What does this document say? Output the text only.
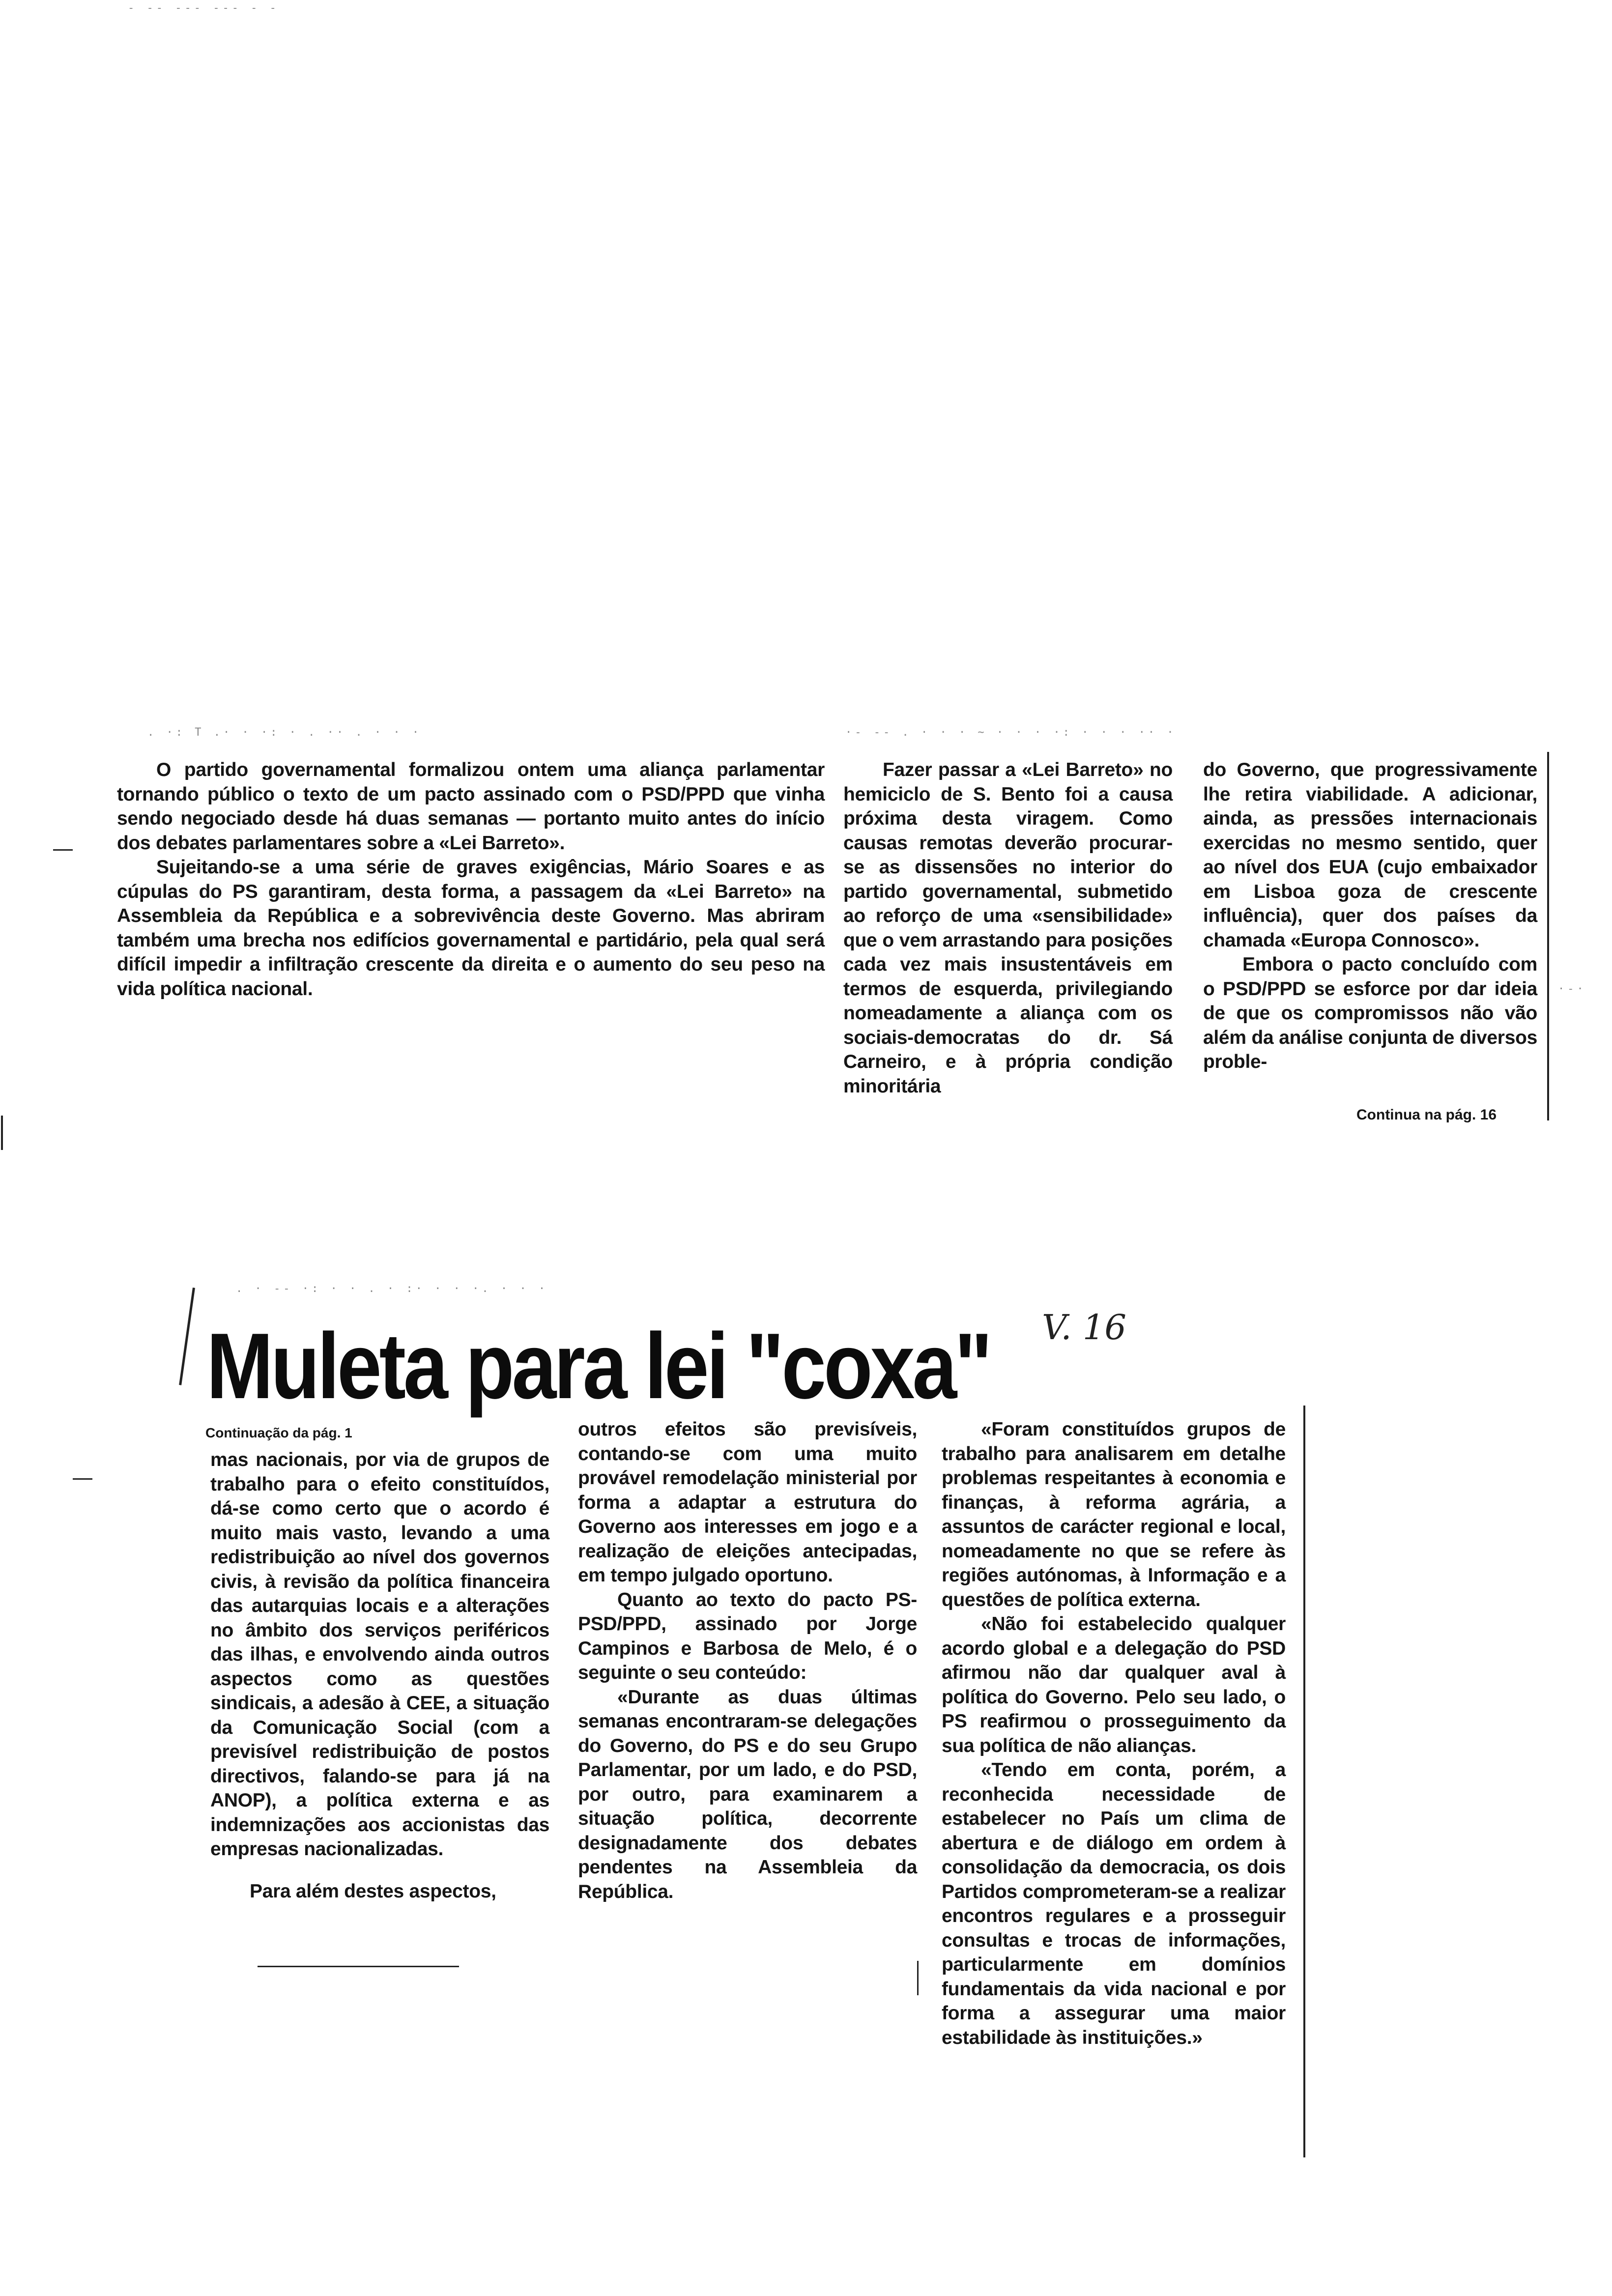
- -- --- --- - -
. ·: T .· · ·: · . ·· . · · ·	·- -- . · · · ~ · · · ·: · · · ·· ·
. · -- ·: · · . · :· · · ·. · · ·
·-·

O partido governamental formalizou ontem uma aliança parlamentar tornando público o texto de um pacto assinado com o PSD/PPD que vinha sendo negociado desde há duas semanas — portanto muito antes do início dos debates parlamentares sobre a «Lei Barreto».

Sujeitando-se a uma série de graves exigências, Mário Soares e as cúpulas do PS garantiram, desta forma, a passagem da «Lei Barreto» na Assembleia da República e a sobrevivência deste Governo. Mas abriram também uma brecha nos edifícios governamental e partidário, pela qual será difícil impedir a infiltração crescente da direita e o aumento do seu peso na vida política nacional.

Fazer passar a «Lei Barreto» no hemiciclo de S. Bento foi a causa próxima desta viragem. Como causas remotas deverão procurar-se as dissensões no interior do partido governamental, submetido ao reforço de uma «sensibilidade» que o vem arrastando para posições cada vez mais insustentáveis em termos de esquerda, privilegiando nomeadamente a aliança com os sociais-democratas do dr. Sá Carneiro, e à própria condição minoritária

do Governo, que progressivamente lhe retira viabilidade. A adicionar, ainda, as pressões internacionais exercidas no mesmo sentido, quer ao nível dos EUA (cujo embaixador em Lisboa goza de crescente influência), quer dos países da chamada «Europa Connosco».

Embora o pacto concluído com o PSD/PPD se esforce por dar ideia de que os compromissos não vão além da análise conjunta de diversos proble-

Continua na pág. 16
Muleta para lei "coxa" V. 16
Continuação da pág. 1

mas nacionais, por via de grupos de trabalho para o efeito constituídos, dá-se como certo que o acordo é muito mais vasto, levando a uma redistribuição ao nível dos governos civis, à revisão da política financeira das autarquias locais e a alterações no âmbito dos serviços periféricos das ilhas, e envolvendo ainda outros aspectos como as questões sindicais, a adesão à CEE, a situação da Comunicação Social (com a previsível redistribuição de postos directivos, falando-se para já na ANOP), a política externa e as indemnizações aos accionistas das empresas nacionalizadas.

Para além destes aspectos,

outros efeitos são previsíveis, contando-se com uma muito provável remodelação ministerial por forma a adaptar a estrutura do Governo aos interesses em jogo e a realização de eleições antecipadas, em tempo julgado oportuno.

Quanto ao texto do pacto PS-PSD/PPD, assinado por Jorge Campinos e Barbosa de Melo, é o seguinte o seu conteúdo:

«Durante as duas últimas semanas encontraram-se delegações do Governo, do PS e do seu Grupo Parlamentar, por um lado, e do PSD, por outro, para examinarem a situação política, decorrente designadamente dos debates pendentes na Assembleia da República.

«Foram constituídos grupos de trabalho para analisarem em detalhe problemas respeitantes à economia e finanças, à reforma agrária, a assuntos de carácter regional e local, nomeadamente no que se refere às regiões autónomas, à Informação e a questões de política externa.

«Não foi estabelecido qualquer acordo global e a delegação do PSD afirmou não dar qualquer aval à política do Governo. Pelo seu lado, o PS reafirmou o prosseguimento da sua política de não alianças.

«Tendo em conta, porém, a reconhecida necessidade de estabelecer no País um clima de abertura e de diálogo em ordem à consolidação da democracia, os dois Partidos comprometeram-se a realizar encontros regulares e a prosseguir consultas e trocas de informações, particularmente em domínios fundamentais da vida nacional e por forma a assegurar uma maior estabilidade às instituições.»
